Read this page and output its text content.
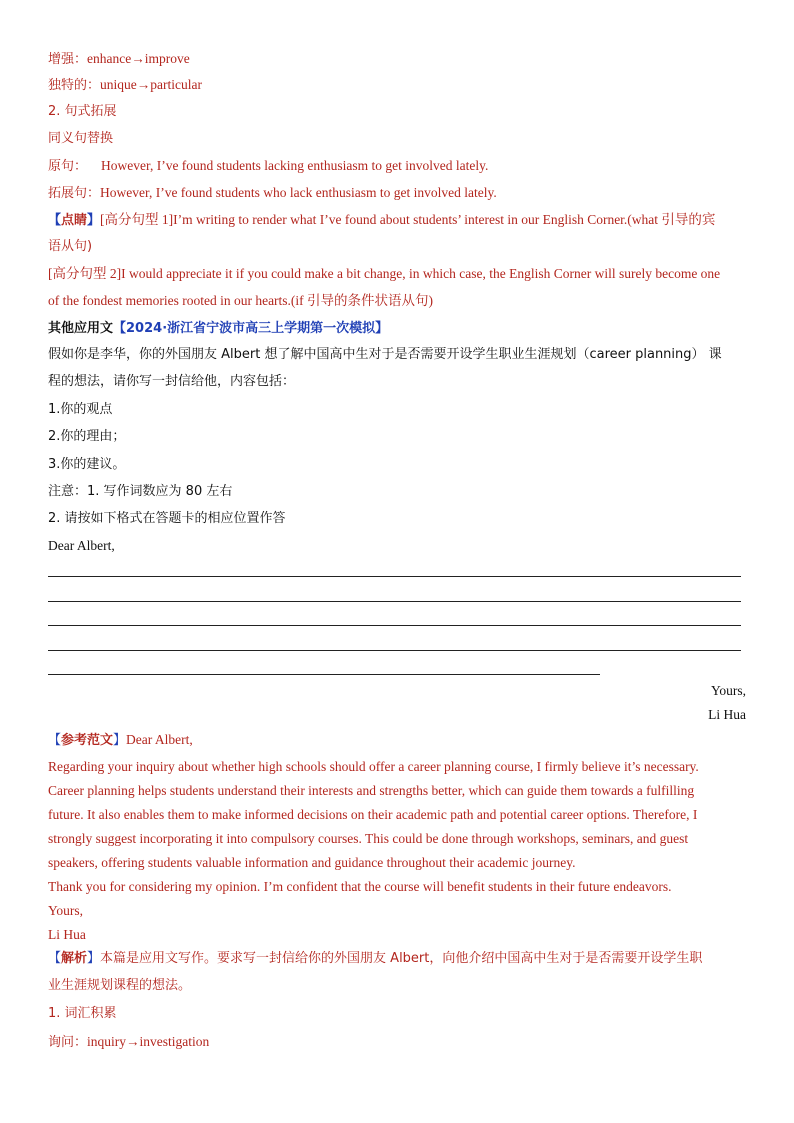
增强：enhance→improve
独特的：unique→particular
2. 句式拓展
同义句替换
原句： However, I’ve found students lacking enthusiasm to get involved lately.
拓展句：However, I’ve found students who lack enthusiasm to get involved lately.
【点睛】[高分句型 1]I’m writing to render what I’ve found about students’ interest in our English Corner.(what 引导的宾
语从句)
[高分句型 2]I would appreciate it if you could make a bit change, in which case, the English Corner will surely become one
of the fondest memories rooted in our hearts.(if 引导的条件状语从句)
其他应用文【2024·浙江省宁波市高三上学期第一次模拟】
假如你是李华，你的外国朋友 Albert 想了解中国高中生对于是否需要开设学生职业生涯规划（career planning） 课
程的想法，请你写一封信给他，内容包括：
1.你的观点
2.你的理由；
3.你的建议。
注意：1. 写作词数应为 80 左右
2. 请按如下格式在答题卡的相应位置作答
Dear Albert,
Yours,
Li Hua
【参考范文】Dear Albert,
Regarding your inquiry about whether high schools should offer a career planning course, I firmly believe it’s necessary.
Career planning helps students understand their interests and strengths better, which can guide them towards a fulfilling
future. It also enables them to make informed decisions on their academic path and potential career options. Therefore, I
strongly suggest incorporating it into compulsory courses. This could be done through workshops, seminars, and guest
speakers, offering students valuable information and guidance throughout their academic journey.
Thank you for considering my opinion. I’m confident that the course will benefit students in their future endeavors.
Yours,
Li Hua
【解析】本篇是应用文写作。要求写一封信给你的外国朋友 Albert，向他介绍中国高中生对于是否需要开设学生职
业生涯规划课程的想法。
1. 词汇积累
询问：inquiry→investigation
